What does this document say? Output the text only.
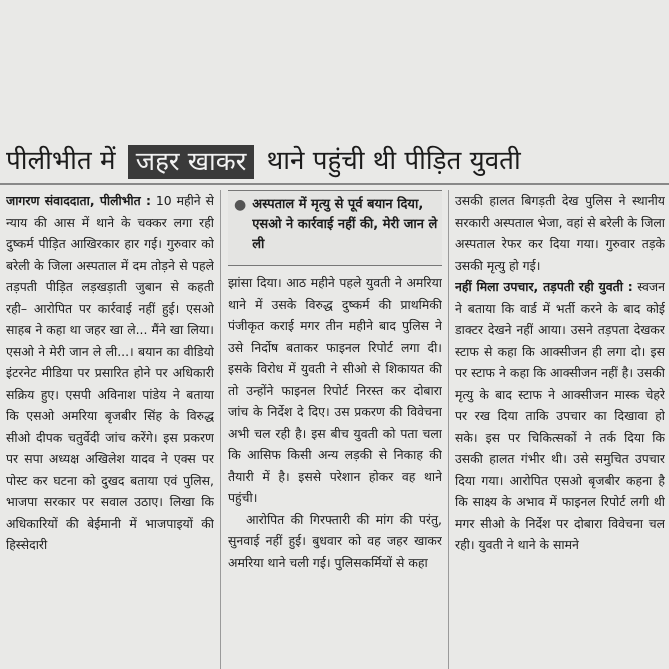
पीलीभीत में जहर खाकर थाने पहुंची थी पीड़ित युवती

जागरण संवाददाता, पीलीभीत : 10 महीने से न्याय की आस में थाने के चक्कर लगा रही दुष्कर्म पीड़ित आखिरकार हार गई। गुरुवार को बरेली के जिला अस्पताल में दम तोड़ने से पहले तड़पती पीड़ित लड़खड़ाती जुबान से कहती रही– आरोपित पर कार्रवाई नहीं हुई। एसओ साहब ने कहा था जहर खा ले... मैंने खा लिया। एसओ ने मेरी जान ले ली...। बयान का वीडियो इंटरनेट मीडिया पर प्रसारित होने पर अधिकारी सक्रिय हुए। एसपी अविनाश पांडेय ने बताया कि एसओ अमरिया बृजबीर सिंह के विरुद्ध सीओ दीपक चतुर्वेदी जांच करेंगे। इस प्रकरण पर सपा अध्यक्ष अखिलेश यादव ने एक्स पर पोस्ट कर घटना को दुखद बताया एवं पुलिस, भाजपा सरकार पर सवाल उठाए। लिखा कि अधिकारियों की बेईमानी में भाजपाइयों की हिस्सेदारी

● अस्पताल में मृत्यु से पूर्व बयान दिया, एसओ ने कार्रवाई नहीं की, मेरी जान ले ली

झांसा दिया। आठ महीने पहले युवती ने अमरिया थाने में उसके विरुद्ध दुष्कर्म की प्राथमिकी पंजीकृत कराई मगर तीन महीने बाद पुलिस ने उसे निर्दोष बताकर फाइनल रिपोर्ट लगा दी। इसके विरोध में युवती ने सीओ से शिकायत की तो उन्होंने फाइनल रिपोर्ट निरस्त कर दोबारा जांच के निर्देश दे दिए। उस प्रकरण की विवेचना अभी चल रही है। इस बीच युवती को पता चला कि आसिफ किसी अन्य लड़की से निकाह की तैयारी में है। इससे परेशान होकर वह थाने पहुंची।

आरोपित की गिरफ्तारी की मांग की परंतु, सुनवाई नहीं हुई। बुधवार को वह जहर खाकर अमरिया थाने चली गई। पुलिसकर्मियों से कहा

उसकी हालत बिगड़ती देख पुलिस ने स्थानीय सरकारी अस्पताल भेजा, वहां से बरेली के जिला अस्पताल रेफर कर दिया गया। गुरुवार तड़के उसकी मृत्यु हो गई।

नहीं मिला उपचार, तड़पती रही युवती : स्वजन ने बताया कि वार्ड में भर्ती करने के बाद कोई डाक्टर देखने नहीं आया। उसने तड़पता देखकर स्टाफ से कहा कि आक्सीजन ही लगा दो। इस पर स्टाफ ने कहा कि आक्सीजन नहीं है। उसकी मृत्यु के बाद स्टाफ ने आक्सीजन मास्क चेहरे पर रख दिया ताकि उपचार का दिखावा हो सके। इस पर चिकित्सकों ने तर्क दिया कि उसकी हालत गंभीर थी। उसे समुचित उपचार दिया गया। आरोपित एसओ बृजबीर कहना है कि साक्ष्य के अभाव में फाइनल रिपोर्ट लगी थी मगर सीओ के निर्देश पर दोबारा विवेचना चल रही। युवती ने थाने के सामने
